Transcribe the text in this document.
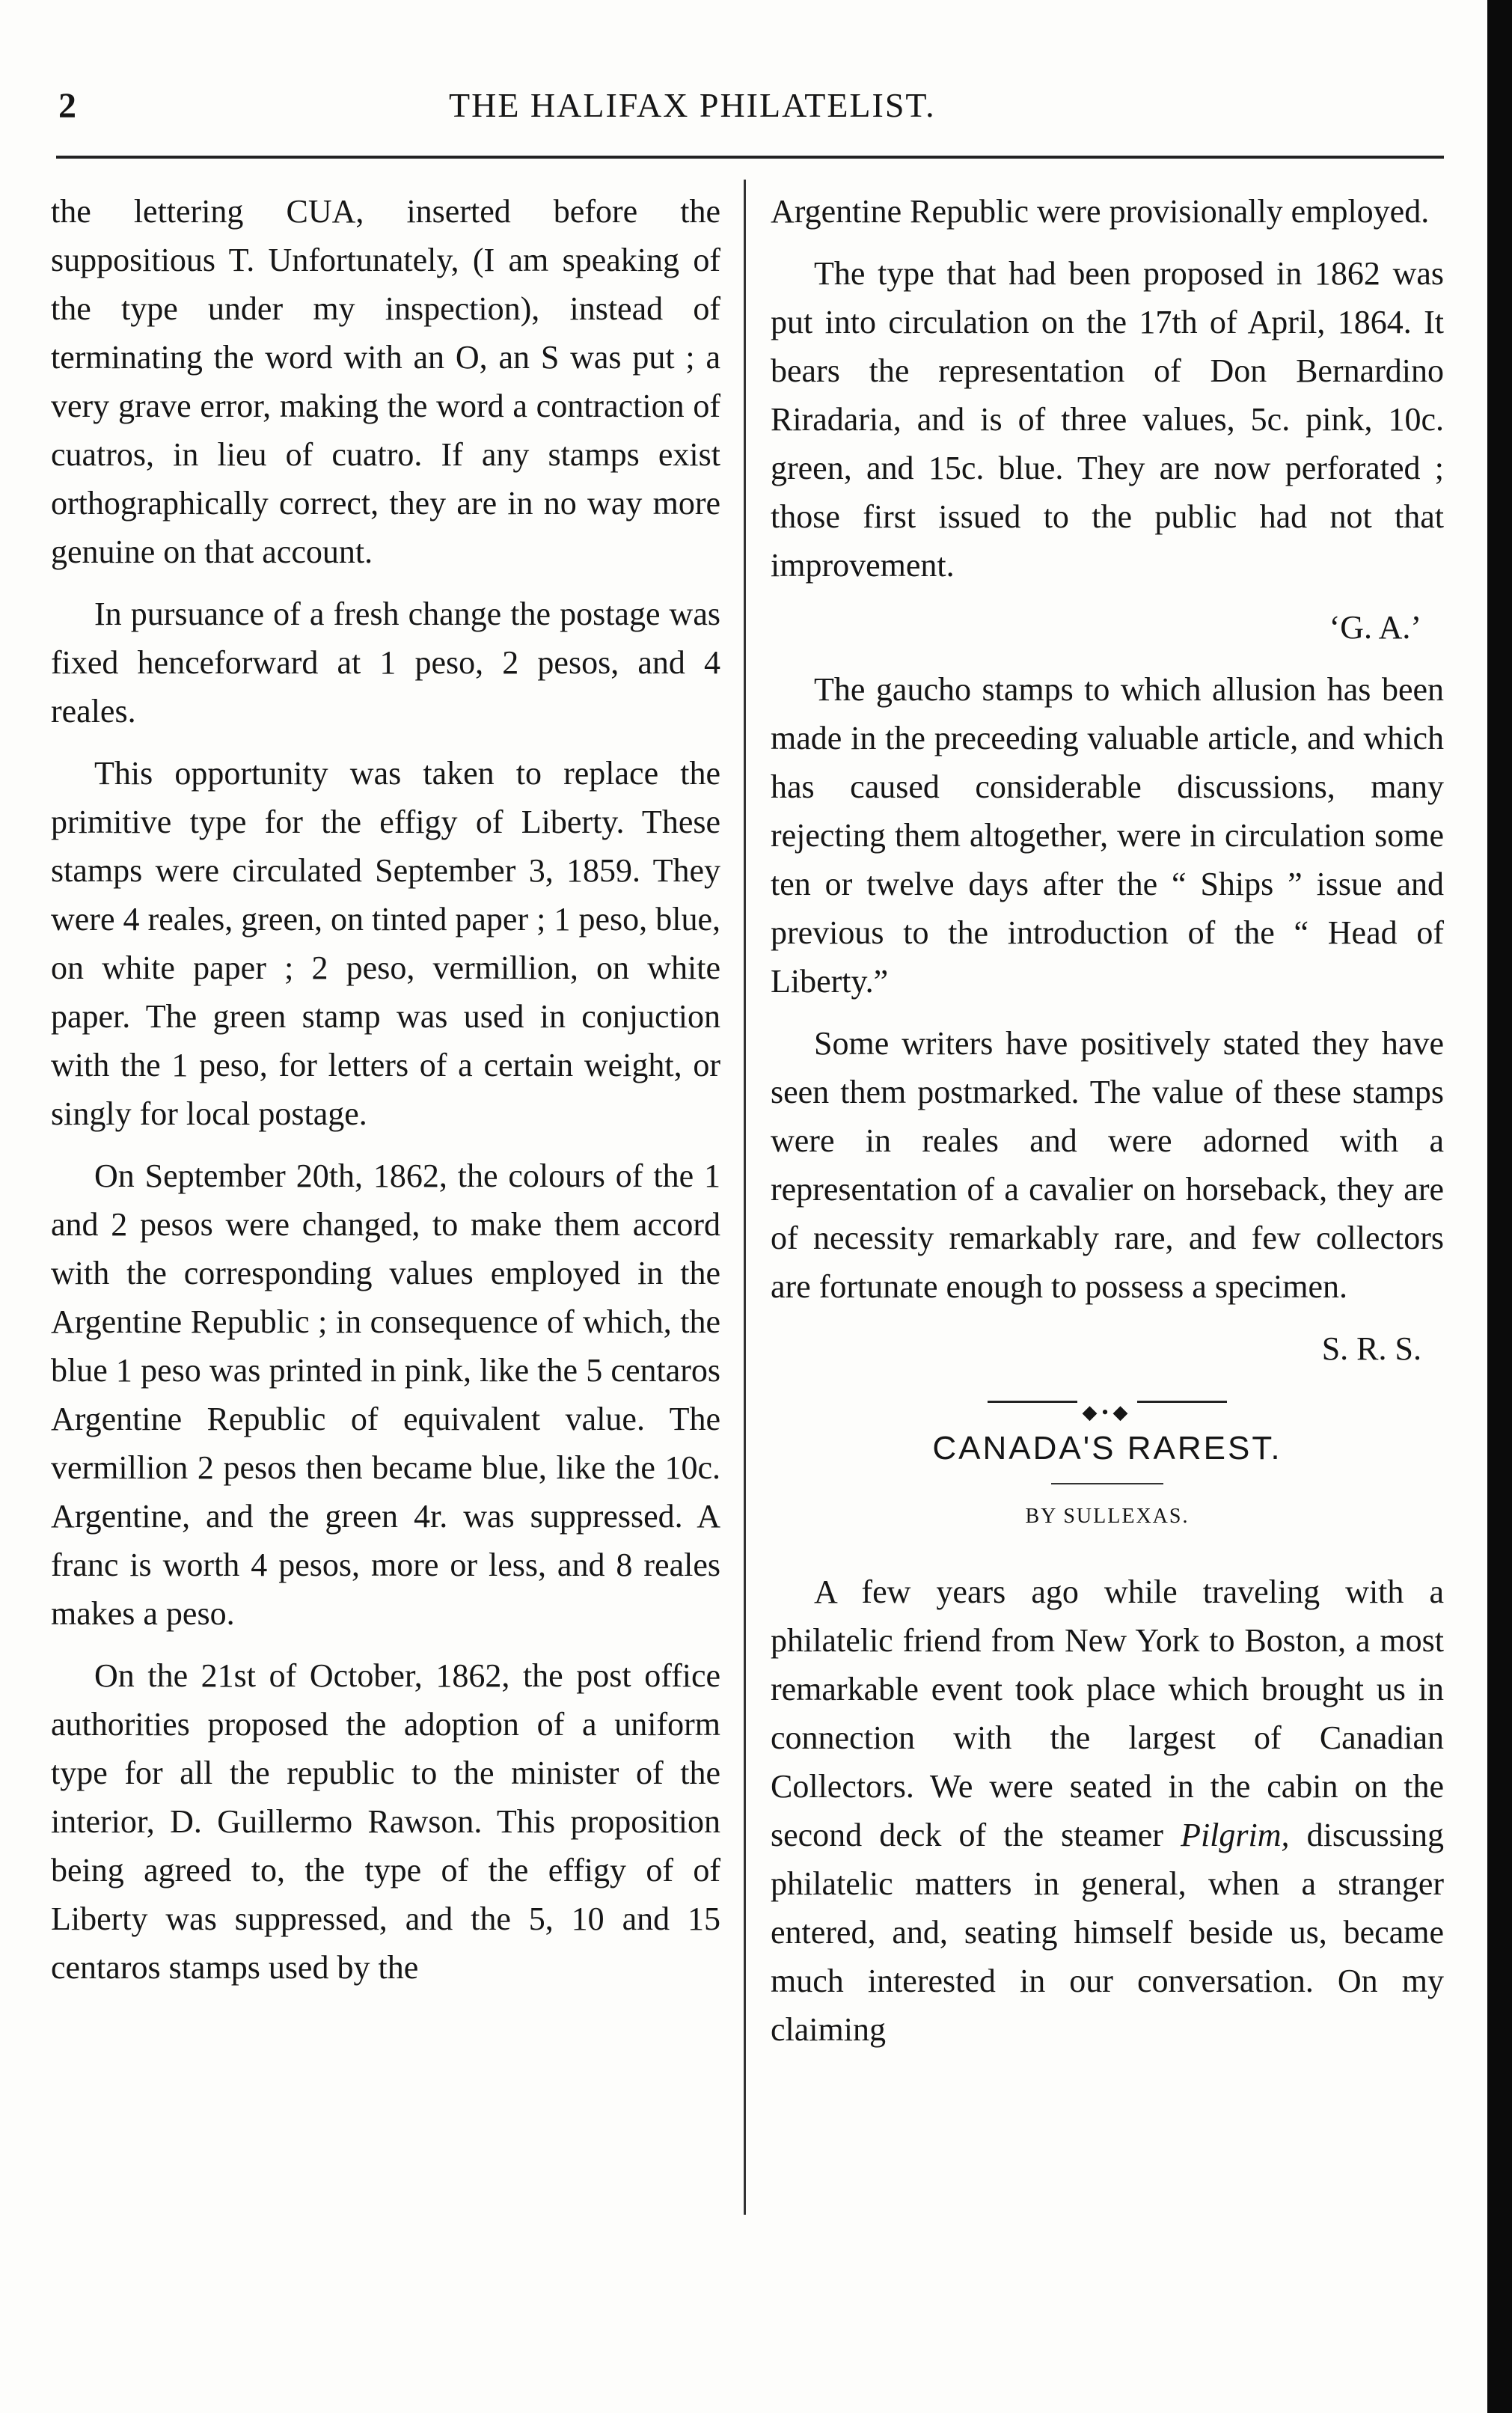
2	THE HALIFAX PHILATELIST.

the lettering CUA, inserted before the suppositious T. Unfortunately, (I am speaking of the type under my inspection), instead of terminating the word with an O, an S was put ; a very grave error, making the word a contraction of cuatros, in lieu of cuatro. If any stamps exist orthographically correct, they are in no way more genuine on that account.

In pursuance of a fresh change the postage was fixed henceforward at 1 peso, 2 pesos, and 4 reales.

This opportunity was taken to replace the primitive type for the effigy of Liberty. These stamps were circulated September 3, 1859. They were 4 reales, green, on tinted paper ; 1 peso, blue, on white paper ; 2 peso, vermillion, on white paper. The green stamp was used in conjuction with the 1 peso, for letters of a certain weight, or singly for local postage.

On September 20th, 1862, the colours of the 1 and 2 pesos were changed, to make them accord with the corresponding values employed in the Argentine Republic ; in consequence of which, the blue 1 peso was printed in pink, like the 5 centaros Argentine Republic of equivalent value. The vermillion 2 pesos then became blue, like the 10c. Argentine, and the green 4r. was suppressed. A franc is worth 4 pesos, more or less, and 8 reales makes a peso.

On the 21st of October, 1862, the post office authorities proposed the adoption of a uniform type for all the republic to the minister of the interior, D. Guillermo Rawson. This proposition being agreed to, the type of the effigy of of Liberty was suppressed, and the 5, 10 and 15 centaros stamps used by the

Argentine Republic were provisionally employed.

The type that had been proposed in 1862 was put into circulation on the 17th of April, 1864. It bears the representation of Don Bernardino Riradaria, and is of three values, 5c. pink, 10c. green, and 15c. blue. They are now perforated ; those first issued to the public had not that improvement.

‘G. A.’

The gaucho stamps to which allusion has been made in the preceeding valuable article, and which has caused considerable discussions, many rejecting them altogether, were in circulation some ten or twelve days after the “ Ships ” issue and previous to the introduction of the “ Head of Liberty.”

Some writers have positively stated they have seen them postmarked. The value of these stamps were in reales and were adorned with a representation of a cavalier on horseback, they are of necessity remarkably rare, and few collectors are fortunate enough to possess a specimen.

S. R. S.
◆•◆
CANADA'S RAREST.
BY SULLEXAS.

A few years ago while traveling with a philatelic friend from New York to Boston, a most remarkable event took place which brought us in connection with the largest of Canadian Collectors. We were seated in the cabin on the second deck of the steamer Pilgrim, discussing philatelic matters in general, when a stranger entered, and, seating himself beside us, became much interested in our conversation. On my claiming
